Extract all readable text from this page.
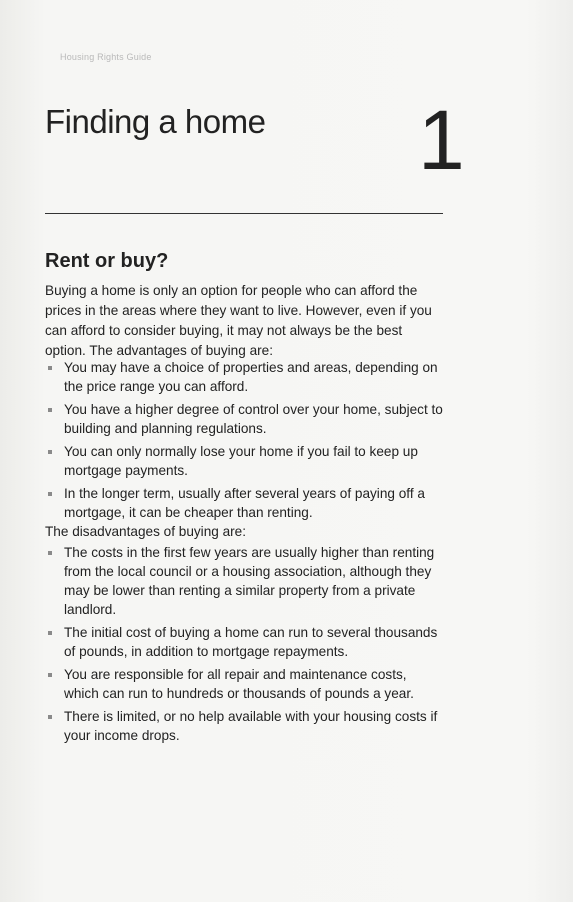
Housing Rights Guide
Finding a home 1
Rent or buy?

Buying a home is only an option for people who can afford the prices in the areas where they want to live. However, even if you can afford to consider buying, it may not always be the best option. The advantages of buying are:

You may have a choice of properties and areas, depending on the price range you can afford.
You have a higher degree of control over your home, subject to building and planning regulations.
You can only normally lose your home if you fail to keep up mortgage payments.
In the longer term, usually after several years of paying off a mortgage, it can be cheaper than renting.
The disadvantages of buying are:
The costs in the first few years are usually higher than renting from the local council or a housing association, although they may be lower than renting a similar property from a private landlord.
The initial cost of buying a home can run to several thousands of pounds, in addition to mortgage repayments.
You are responsible for all repair and maintenance costs, which can run to hundreds or thousands of pounds a year.
There is limited, or no help available with your housing costs if your income drops.
